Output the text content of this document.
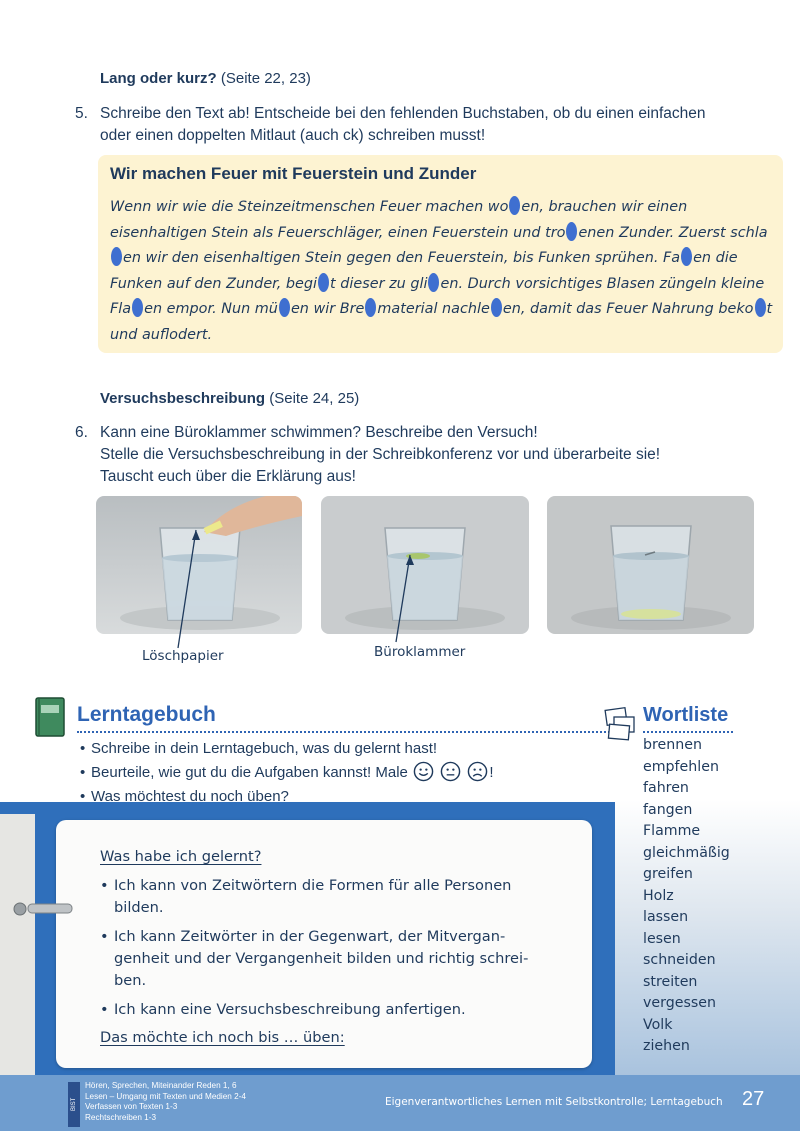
Lang oder kurz? (Seite 22, 23)
5. Schreibe den Text ab! Entscheide bei den fehlenden Buchstaben, ob du einen einfachen oder einen doppelten Mitlaut (auch ck) schreiben musst!
Wir machen Feuer mit Feuerstein und Zunder
Wenn wir wie die Steinzeitmenschen Feuer machen wo en, brauchen wir einen eisenhaltigen Stein als Feuerschläger, einen Feuerstein und tro enen Zunder. Zuerst schlaen wir den eisenhaltigen Stein gegen den Feuerstein, bis Funken sprühen. Fa en die Funken auf den Zunder, begi t dieser zu gli en. Durch vorsichtiges Blasen züngeln kleine Fla en empor. Nun mü en wir Bre material nachle en, damit das Feuer Nahrung beko t und auflodert.
Versuchsbeschreibung (Seite 24, 25)
6. Kann eine Büroklammer schwimmen? Beschreibe den Versuch!
Stelle die Versuchsbeschreibung in der Schreibkonferenz vor und überarbeite sie!
Tauscht euch über die Erklärung aus!
Löschpapier	Büroklammer
Lerntagebuch
• Schreibe in dein Lerntagebuch, was du gelernt hast!
• Beurteile, wie gut du die Aufgaben kannst! Male	!
• Was möchtest du noch üben?
Was habe ich gelernt?
• Ich kann von Zeitwörtern die Formen für alle Personen bilden.
• Ich kann Zeitwörter in der Gegenwart, der Mitvergangenheit und der Vergangenheit bilden und richtig schreiben.
• Ich kann eine Versuchsbeschreibung anfertigen.
Das möchte ich noch bis … üben:
Wortliste
brennen
empfehlen
fahren
fangen
Flamme
gleichmäßig
greifen
Holz
lassen
lesen
schneiden
streiten
vergessen
Volk
ziehen
BIST
Hören, Sprechen, Miteinander Reden 1, 6
Lesen – Umgang mit Texten und Medien 2-4
Verfassen von Texten 1-3
Rechtschreiben 1-3
Eigenverantwortliches Lernen mit Selbstkontrolle; Lerntagebuch 27
